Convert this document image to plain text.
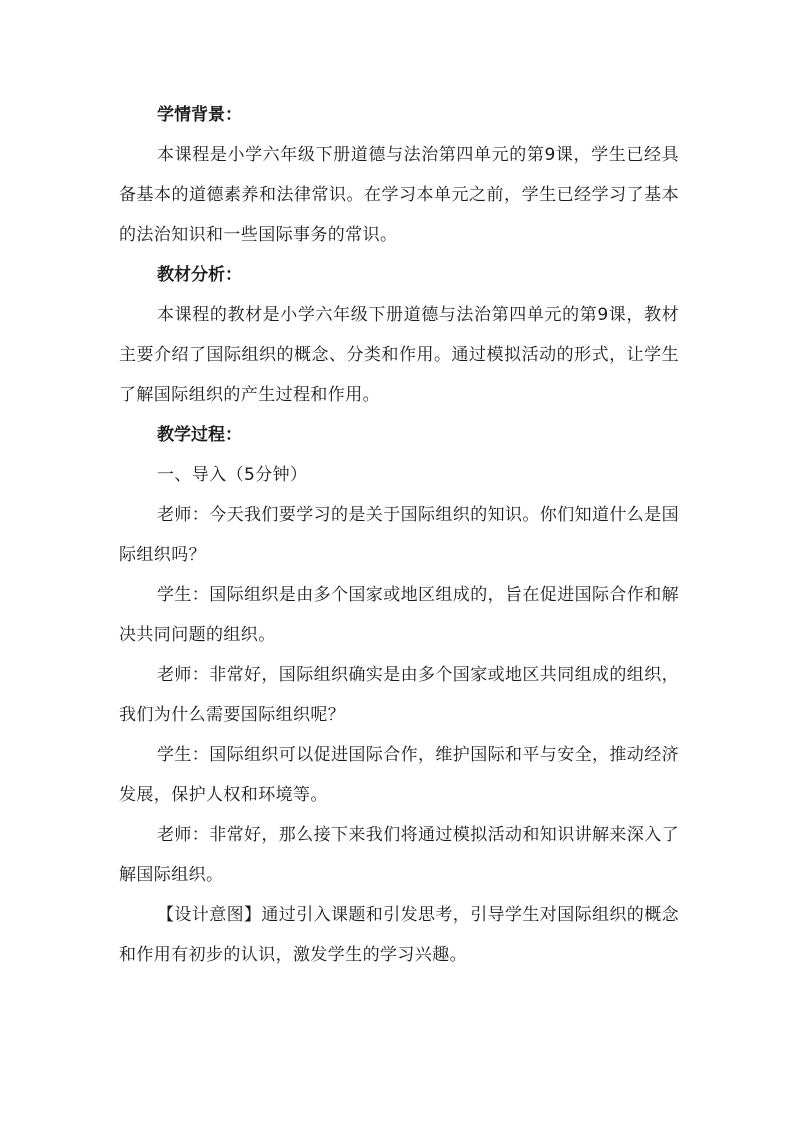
学情背景：

本课程是小学六年级下册道德与法治第四单元的第9课，学生已经具备基本的道德素养和法律常识。在学习本单元之前，学生已经学习了基本的法治知识和一些国际事务的常识。

教材分析：

本课程的教材是小学六年级下册道德与法治第四单元的第9课，教材主要介绍了国际组织的概念、分类和作用。通过模拟活动的形式，让学生了解国际组织的产生过程和作用。

教学过程：

一、导入（5分钟）

老师：今天我们要学习的是关于国际组织的知识。你们知道什么是国际组织吗？

学生：国际组织是由多个国家或地区组成的，旨在促进国际合作和解决共同问题的组织。

老师：非常好，国际组织确实是由多个国家或地区共同组成的组织，我们为什么需要国际组织呢？

学生：国际组织可以促进国际合作，维护国际和平与安全，推动经济发展，保护人权和环境等。

老师：非常好，那么接下来我们将通过模拟活动和知识讲解来深入了解国际组织。

【设计意图】通过引入课题和引发思考，引导学生对国际组织的概念和作用有初步的认识，激发学生的学习兴趣。
